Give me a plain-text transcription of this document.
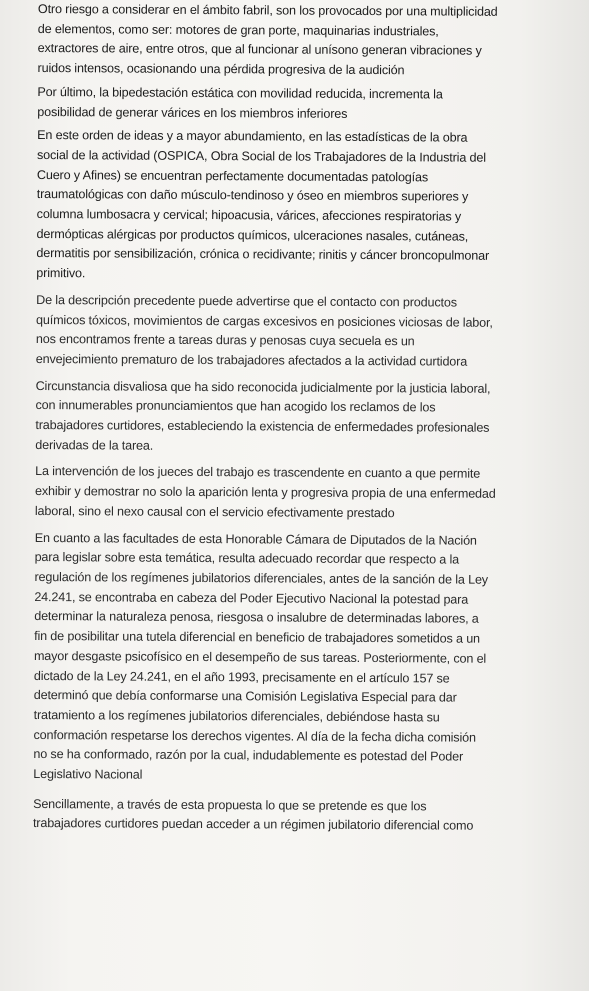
Otro riesgo a considerar en el ámbito fabril, son los provocados por una multiplicidad
de elementos, como ser: motores de gran porte, maquinarias industriales,
extractores de aire, entre otros, que al funcionar al unísono generan vibraciones y
ruidos intensos, ocasionando una pérdida progresiva de la audición

Por último, la bipedestación estática con movilidad reducida, incrementa la
posibilidad de generar várices en los miembros inferiores

En este orden de ideas y a mayor abundamiento, en las estadísticas de la obra
social de la actividad (OSPICA, Obra Social de los Trabajadores de la Industria del
Cuero y Afines) se encuentran perfectamente documentadas patologías
traumatológicas con daño músculo-tendinoso y óseo en miembros superiores y
columna lumbosacra y cervical; hipoacusia, várices, afecciones respiratorias y
dermópticas alérgicas por productos químicos, ulceraciones nasales, cutáneas,
dermatitis por sensibilización, crónica o recidivante; rinitis y cáncer broncopulmonar
primitivo.

De la descripción precedente puede advertirse que el contacto con productos
químicos tóxicos, movimientos de cargas excesivos en posiciones viciosas de labor,
nos encontramos frente a tareas duras y penosas cuya secuela es un
envejecimiento prematuro de los trabajadores afectados a la actividad curtidora

Circunstancia disvaliosa que ha sido reconocida judicialmente por la justicia laboral,
con innumerables pronunciamientos que han acogido los reclamos de los
trabajadores curtidores, estableciendo la existencia de enfermedades profesionales
derivadas de la tarea.

La intervención de los jueces del trabajo es trascendente en cuanto a que permite
exhibir y demostrar no solo la aparición lenta y progresiva propia de una enfermedad
laboral, sino el nexo causal con el servicio efectivamente prestado

En cuanto a las facultades de esta Honorable Cámara de Diputados de la Nación
para legislar sobre esta temática, resulta adecuado recordar que respecto a la
regulación de los regímenes jubilatorios diferenciales, antes de la sanción de la Ley
24.241, se encontraba en cabeza del Poder Ejecutivo Nacional la potestad para
determinar la naturaleza penosa, riesgosa o insalubre de determinadas labores, a
fin de posibilitar una tutela diferencial en beneficio de trabajadores sometidos a un
mayor desgaste psicofísico en el desempeño de sus tareas. Posteriormente, con el
dictado de la Ley 24.241, en el año 1993, precisamente en el artículo 157 se
determinó que debía conformarse una Comisión Legislativa Especial para dar
tratamiento a los regímenes jubilatorios diferenciales, debiéndose hasta su
conformación respetarse los derechos vigentes. Al día de la fecha dicha comisión
no se ha conformado, razón por la cual, indudablemente es potestad del Poder
Legislativo Nacional

Sencillamente, a través de esta propuesta lo que se pretende es que los
trabajadores curtidores puedan acceder a un régimen jubilatorio diferencial como
